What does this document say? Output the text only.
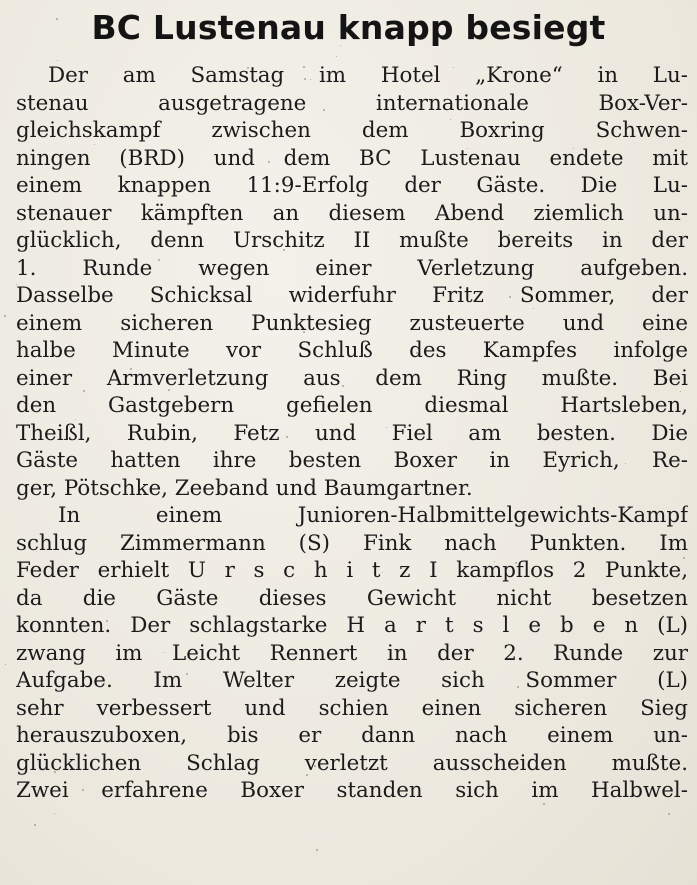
BC Lustenau knapp besiegt
Der am Samstag im Hotel „Krone“ in Lu-
stenau ausgetragene internationale Box-Ver-
gleichskampf zwischen dem Boxring Schwen-
ningen (BRD) und dem BC Lustenau endete mit
einem knappen 11:9-Erfolg der Gäste. Die Lu-
stenauer kämpften an diesem Abend ziemlich un-
glücklich, denn Urschitz II mußte bereits in der
1. Runde wegen einer Verletzung aufgeben.
Dasselbe Schicksal widerfuhr Fritz Sommer, der
einem sicheren Punktesieg zusteuerte und eine
halbe Minute vor Schluß des Kampfes infolge
einer Armverletzung aus dem Ring mußte. Bei
den Gastgebern gefielen diesmal Hartsleben,
Theißl, Rubin, Fetz und Fiel am besten. Die
Gäste hatten ihre besten Boxer in Eyrich, Re-
ger, Pötschke, Zeeband und Baumgartner.
In einem Junioren-Halbmittelgewichts-Kampf
schlug Zimmermann (S) Fink nach Punkten. Im
Feder erhielt U r s c h i t z I kampflos 2 Punkte,
da die Gäste dieses Gewicht nicht besetzen
konnten. Der schlagstarke H a r t s l e b e n (L)
zwang im Leicht Rennert in der 2. Runde zur
Aufgabe. Im Welter zeigte sich Sommer (L)
sehr verbessert und schien einen sicheren Sieg
herauszuboxen, bis er dann nach einem un-
glücklichen Schlag verletzt ausscheiden mußte.
Zwei erfahrene Boxer standen sich im Halbwel-
